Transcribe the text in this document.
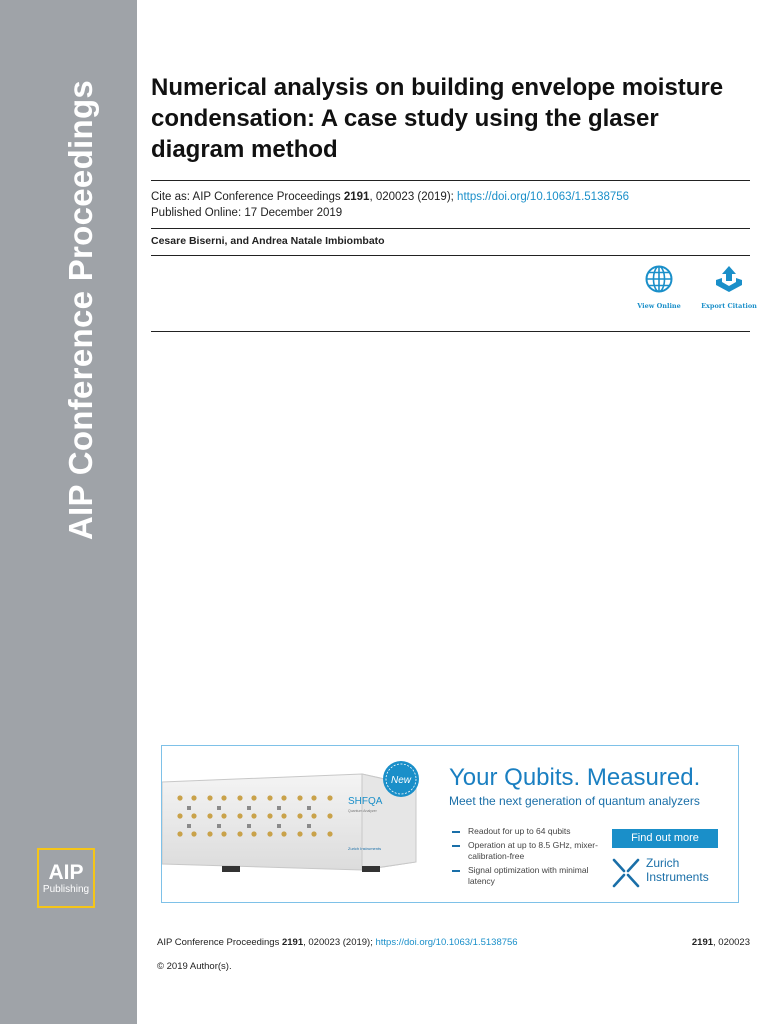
AIP Conference Proceedings
AIP
Publishing
Numerical analysis on building envelope moisture condensation: A case study using the glaser diagram method
Cite as: AIP Conference Proceedings 2191, 020023 (2019); https://doi.org/10.1063/1.5138756
Published Online: 17 December 2019
Cesare Biserni, and Andrea Natale Imbiombato
View Online	Export Citation
SHFQA
Quantum Analyzer
Zurich Instruments
New Your Qubits. Measured.
Meet the next generation of quantum analyzers
Readout for up to 64 qubits
Operation at up to 8.5 GHz, mixer-calibration-free
Signal optimization with minimal latency
Find out more
Zurich
Instruments
AIP Conference Proceedings 2191, 020023 (2019); https://doi.org/10.1063/1.5138756	2191, 020023
© 2019 Author(s).
